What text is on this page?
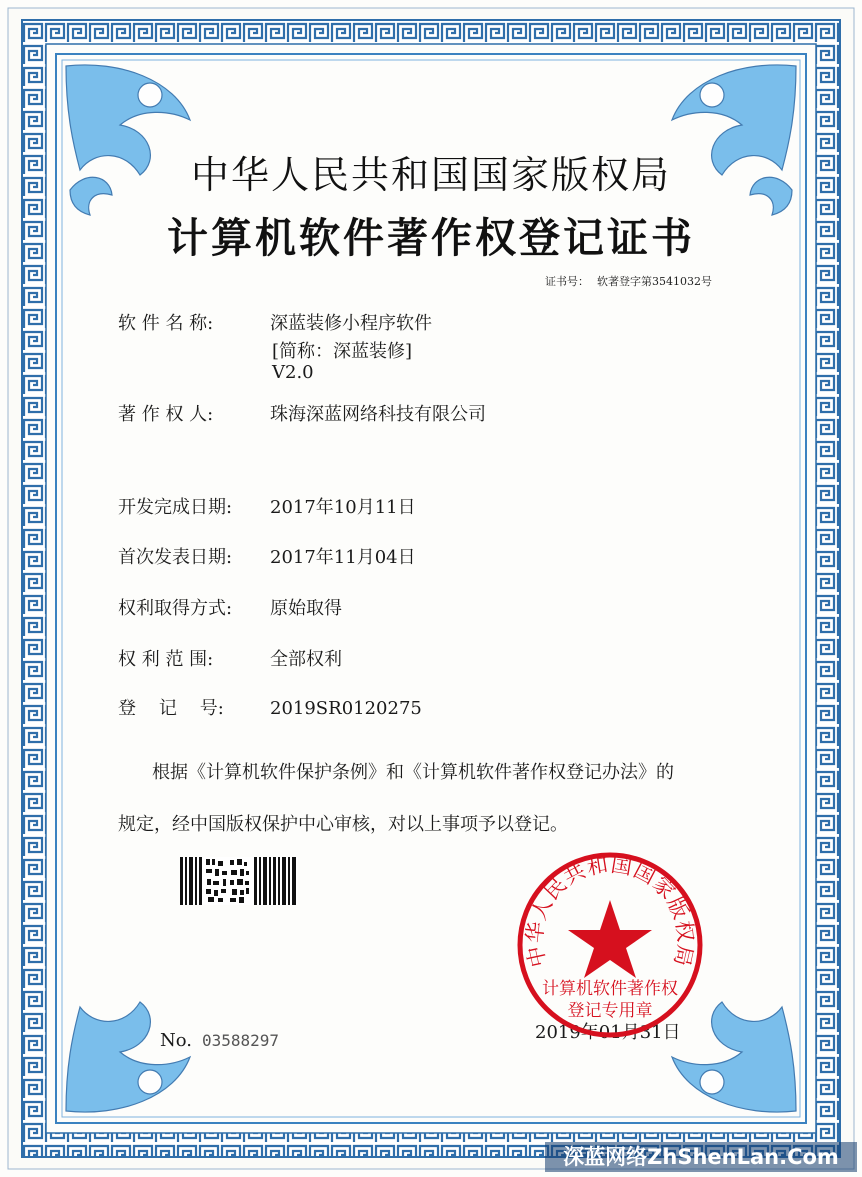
中华人民共和国国家版权局
计算机软件著作权登记证书
证书号： 软著登字第3541032号
软 件 名 称:	深蓝装修小程序软件
[简称：深蓝装修]
V2.0
著 作 权 人:	珠海深蓝网络科技有限公司
开发完成日期: 2017年10月11日
首次发表日期: 2017年11月04日
权利取得方式: 原始取得
权 利 范 围:	全部权利
登    记    号:	2019SR0120275
根据《计算机软件保护条例》和《计算机软件著作权登记办法》的
规定，经中国版权保护中心审核，对以上事项予以登记。
No. 03588297	2019年01月31日
中华人民共和国国家版权局
计算机软件著作权
登记专用章
深蓝网络ZhShenLan.Com
